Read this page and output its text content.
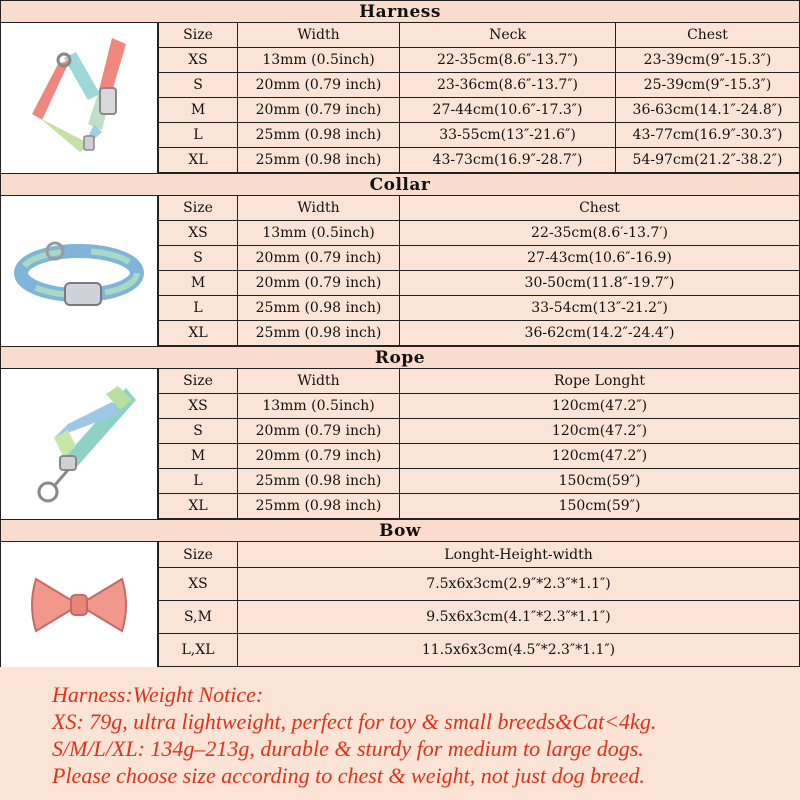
Harness
Size	Width	Neck	Chest
XS	13mm (0.5inch)	22-35cm(8.6″-13.7″)	23-39cm(9″-15.3″)
S	20mm (0.79 inch)	23-36cm(8.6″-13.7″)	25-39cm(9″-15.3″)
M	20mm (0.79 inch)	27-44cm(10.6″-17.3″)	36-63cm(14.1″-24.8″)
L	25mm (0.98 inch)	33-55cm(13″-21.6″)	43-77cm(16.9″-30.3″)
XL	25mm (0.98 inch)	43-73cm(16.9″-28.7″)	54-97cm(21.2″-38.2″)
Collar
Size	Width	Chest
XS	13mm (0.5inch)	22-35cm(8.6′-13.7′)
S	20mm (0.79 inch)	27-43cm(10.6″-16.9)
M	20mm (0.79 inch)	30-50cm(11.8″-19.7″)
L	25mm (0.98 inch)	33-54cm(13″-21.2″)
XL	25mm (0.98 inch)	36-62cm(14.2″-24.4″)
Rope
Size	Width	Rope Longht
XS	13mm (0.5inch)	120cm(47.2″)
S	20mm (0.79 inch)	120cm(47.2″)
M	20mm (0.79 inch)	120cm(47.2″)
L	25mm (0.98 inch)	150cm(59″)
XL	25mm (0.98 inch)	150cm(59″)
Bow
Size	Longht-Height-width
XS	7.5x6x3cm(2.9″*2.3″*1.1″)
S,M	9.5x6x3cm(4.1″*2.3″*1.1″)
L,XL	11.5x6x3cm(4.5″*2.3″*1.1″)
Harness:Weight Notice:
XS: 79g, ultra lightweight, perfect for toy & small breeds&Cat<4kg.
S/M/L/XL: 134g–213g, durable & sturdy for medium to large dogs.
Please choose size according to chest & weight, not just dog breed.
